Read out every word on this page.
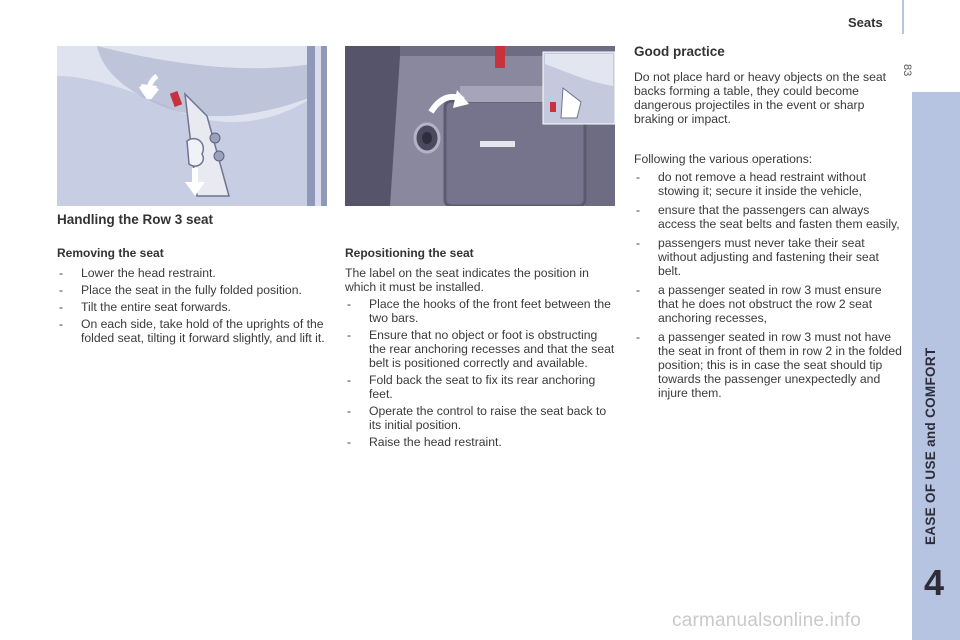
Seats
83
EASE OF USE and COMFORT
4
Handling the Row 3 seat
Removing the seat
- Lower the head restraint.
- Place the seat in the fully folded position.
- Tilt the entire seat forwards.
- On each side, take hold of the uprights of the folded seat, tilting it forward slightly, and lift it.
Repositioning the seat

The label on the seat indicates the position in which it must be installed.

- Place the hooks of the front feet between the two bars.
- Ensure that no object or foot is obstructing the rear anchoring recesses and that the seat belt is positioned correctly and available.
- Fold back the seat to fix its rear anchoring feet.
- Operate the control to raise the seat back to its initial position.
- Raise the head restraint.
Good practice

Do not place hard or heavy objects on the seat backs forming a table, they could become dangerous projectiles in the event or sharp braking or impact.

Following the various operations:

- do not remove a head restraint without stowing it; secure it inside the vehicle,
- ensure that the passengers can always access the seat belts and fasten them easily,
- passengers must never take their seat without adjusting and fastening their seat belt.
- a passenger seated in row 3 must ensure that he does not obstruct the row 2 seat anchoring recesses,
- a passenger seated in row 3 must not have the seat in front of them in row 2 in the folded position; this is in case the seat should tip towards the passenger unexpectedly and injure them.
carmanualsonline.info
